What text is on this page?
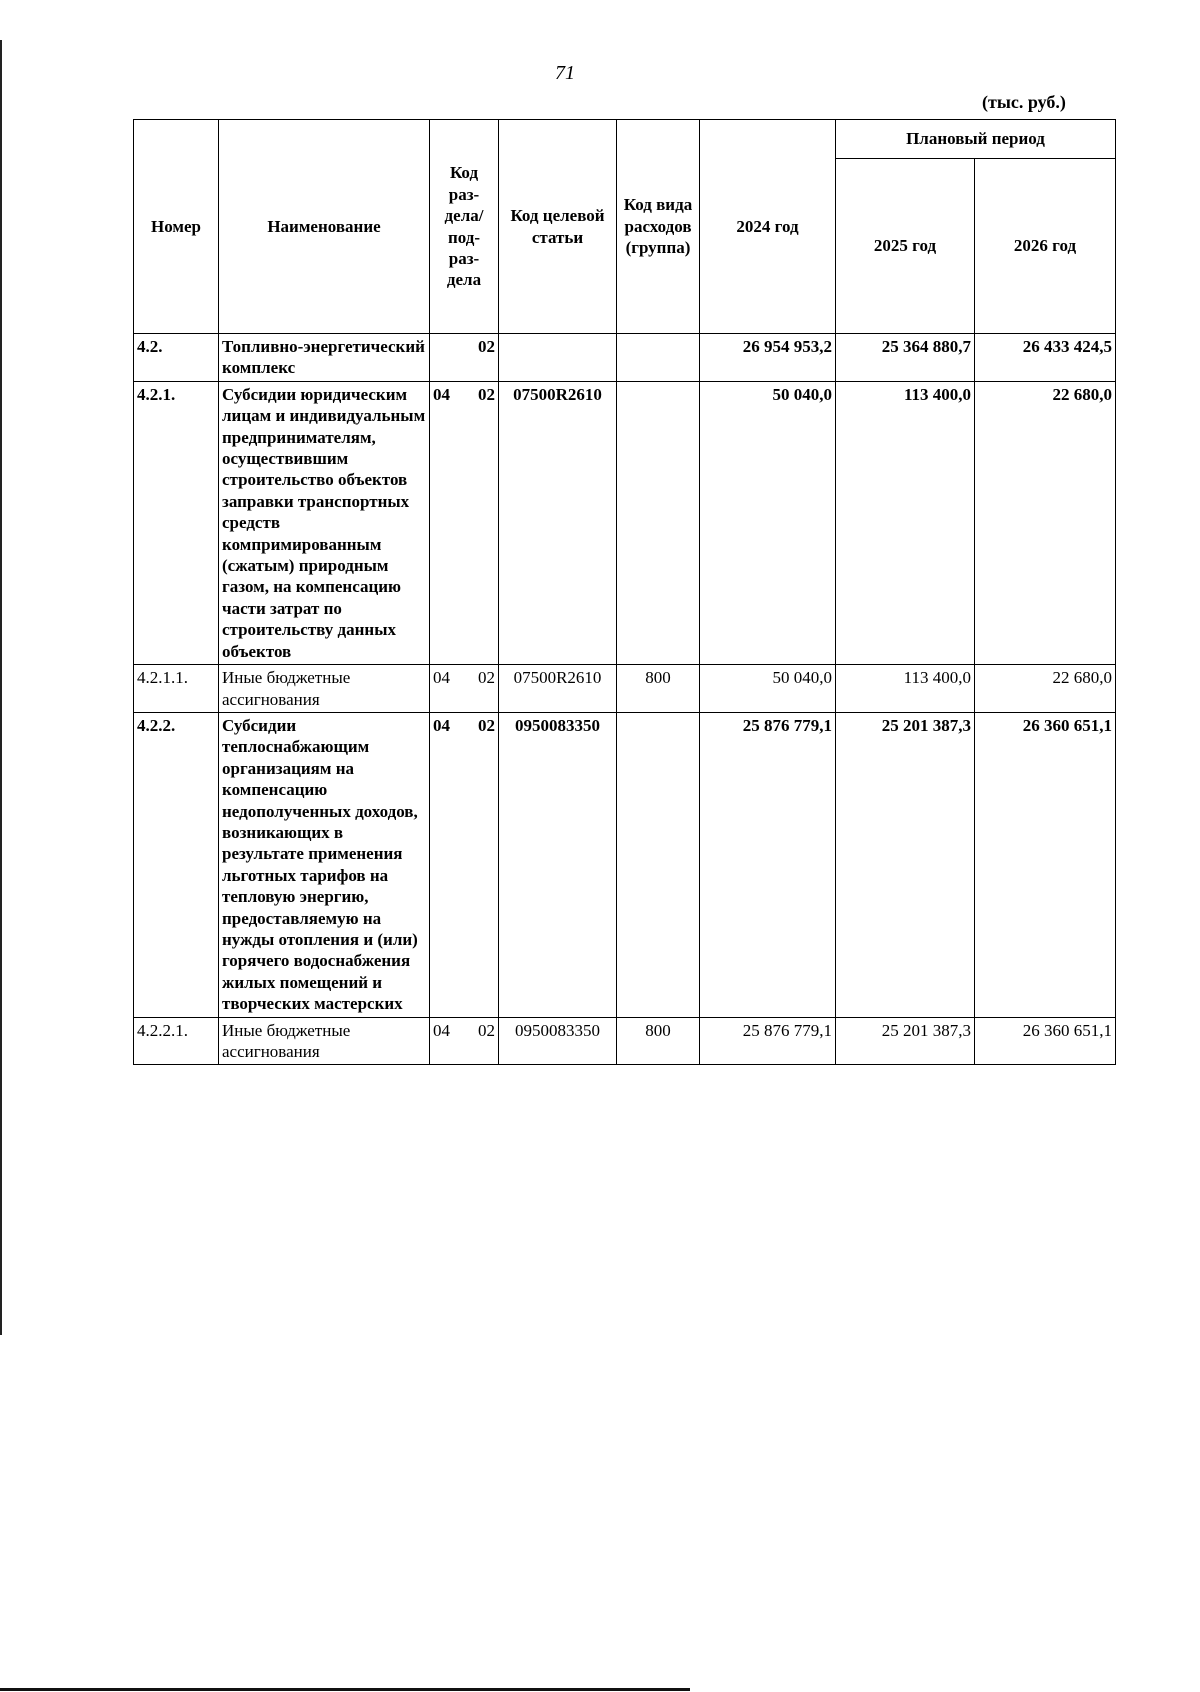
71
(тыс. руб.)
Номер	Наименование	Код раз- дела/ под- раз- дела	Код целевой статьи	Код вида расходов (группа)	2024 год	Плановый период	
						2025 год	2026 год
4.2.	Топливно-энергетический комплекс	02			26 954 953,2	25 364 880,7	26 433 424,5
4.2.1.	Субсидии юридическим лицам и индивидуальным предпринимателям, осуществившим строительство объектов заправки транспортных средств компримированным (сжатым) природным газом, на компенсацию части затрат по строительству данных объектов	04 02	07500R2610		50 040,0	113 400,0	22 680,0
4.2.1.1.	Иные бюджетные ассигнования	04 02	07500R2610	800	50 040,0	113 400,0	22 680,0
4.2.2.	Субсидии теплоснабжающим организациям на компенсацию недополученных доходов, возникающих в результате применения льготных тарифов на тепловую энергию, предоставляемую на нужды отопления и (или) горячего водоснабжения жилых помещений и творческих мастерских	04 02	0950083350		25 876 779,1	25 201 387,3	26 360 651,1
4.2.2.1.	Иные бюджетные ассигнования	04 02	0950083350	800	25 876 779,1	25 201 387,3	26 360 651,1
